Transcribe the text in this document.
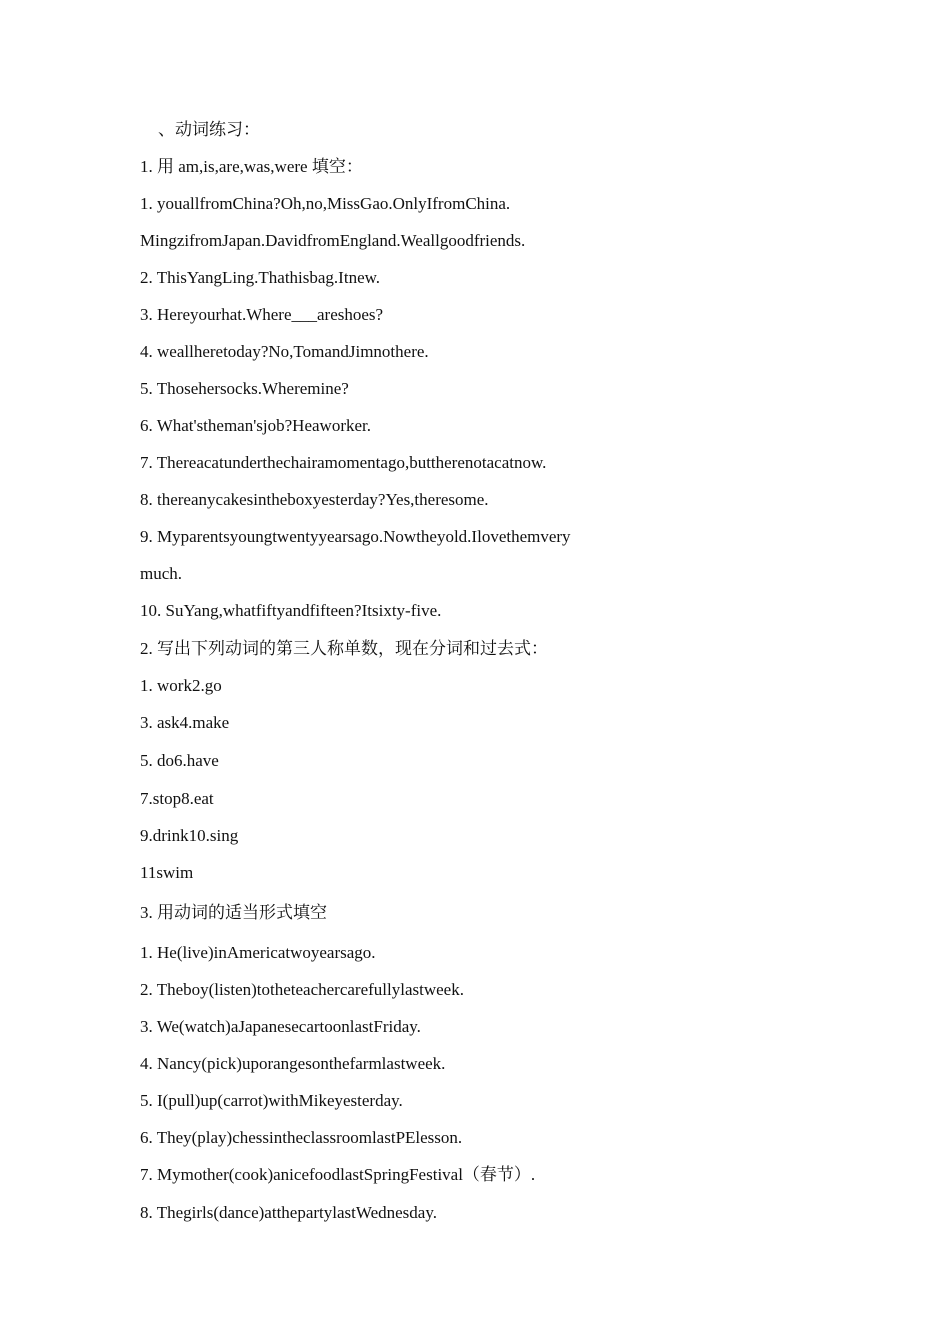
、动词练习：
1. 用 am,is,are,was,were 填空：
1. youallfromChina?Oh,no,MissGao.OnlyIfromChina.
MingzifromJapan.DavidfromEngland.Weallgoodfriends.
2. ThisYangLing.Thathisbag.Itnew.
3. Hereyourhat.Where___areshoes?
4. weallheretoday?No,TomandJimnothere.
5. Thosehersocks.Wheremine?
6. What'stheman'sjob?Heaworker.
7. Thereacatunderthechairamomentago,buttherenotacatnow.
8. thereanycakesintheboxyesterday?Yes,theresome.
9. Myparentsyoungtwentyyearsago.Nowtheyold.Ilovethemvery
much.
10. SuYang,whatfiftyandfifteen?Itsixty-five.
2. 写出下列动词的第三人称单数，现在分词和过去式：
1. work2.go
3. ask4.make
5. do6.have
7.stop8.eat
9.drink10.sing
11swim
3. 用动词的适当形式填空
1. He(live)inAmericatwoyearsago.
2. Theboy(listen)totheteachercarefullylastweek.
3. We(watch)aJapanesecartoonlastFriday.
4. Nancy(pick)uporangesonthefarmlastweek.
5. I(pull)up(carrot)withMikeyesterday.
6. They(play)chessintheclassroomlastPElesson.
7. Mymother(cook)anicefoodlastSpringFestival（春节）.
8. Thegirls(dance)atthepartylastWednesday.
